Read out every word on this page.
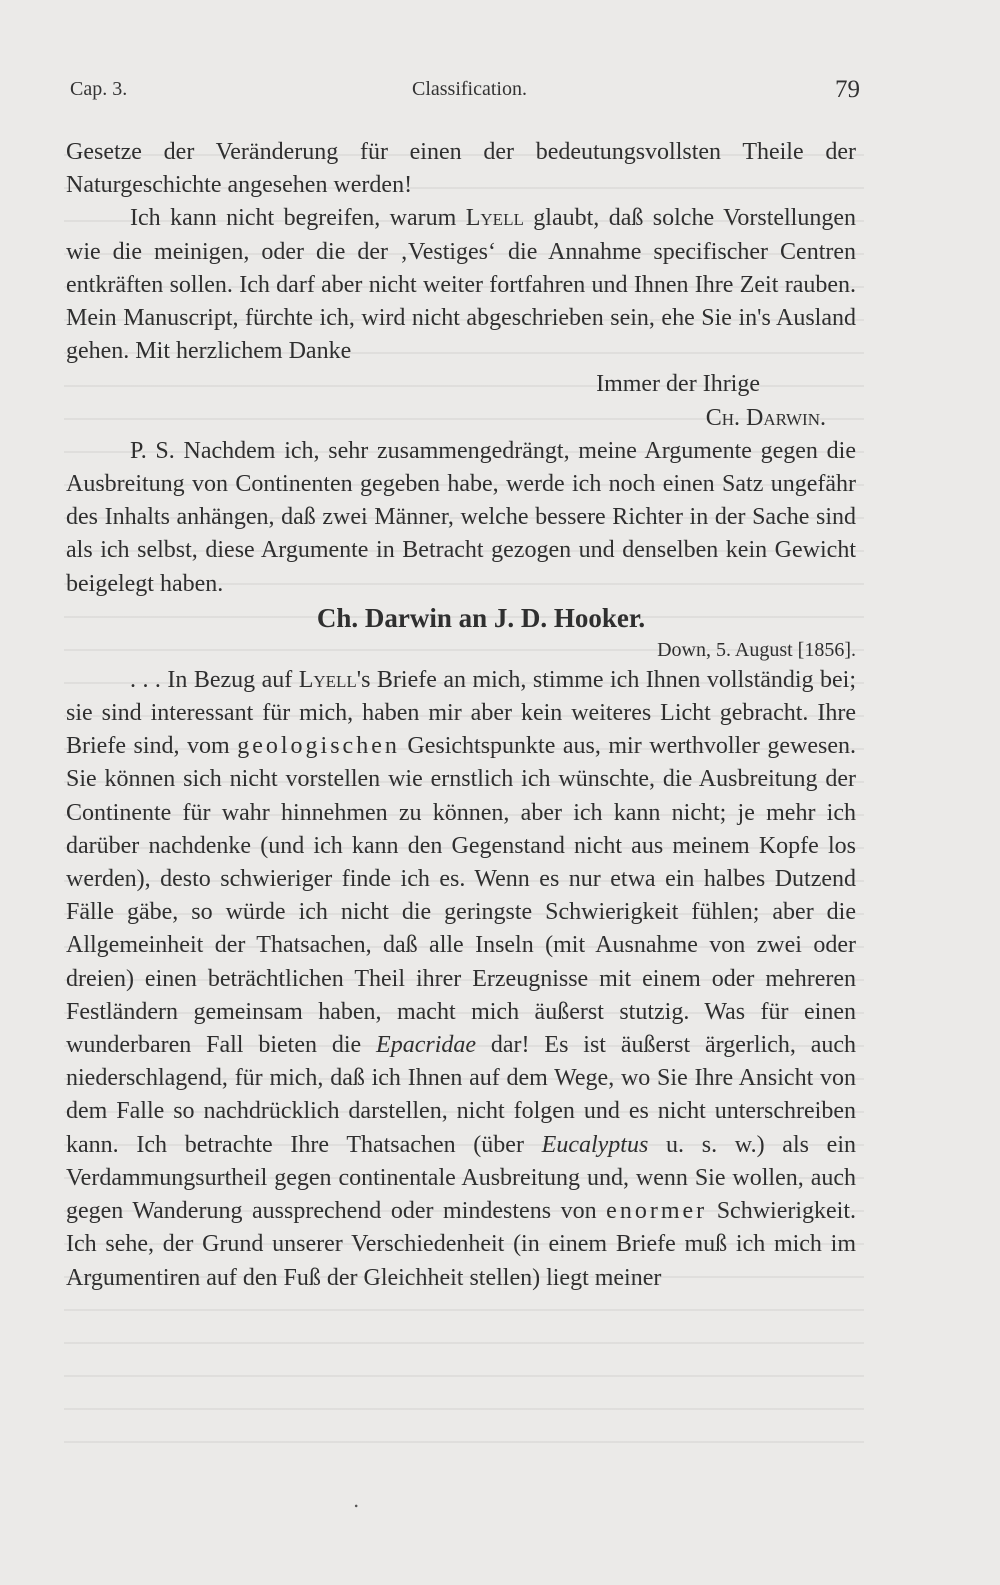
Cap. 3.	Classification.	79

Gesetze der Veränderung für einen der bedeutungsvollsten Theile der Naturgeschichte angesehen werden!

Ich kann nicht begreifen, warum Lyell glaubt, daß solche Vorstellungen wie die meinigen, oder die der ‚Vestiges‘ die Annahme specifischer Centren entkräften sollen. Ich darf aber nicht weiter fortfahren und Ihnen Ihre Zeit rauben. Mein Manuscript, fürchte ich, wird nicht abgeschrieben sein, ehe Sie in's Ausland gehen. Mit herzlichem Danke

Immer der Ihrige

Ch. Darwin.

P. S. Nachdem ich, sehr zusammengedrängt, meine Argumente gegen die Ausbreitung von Continenten gegeben habe, werde ich noch einen Satz ungefähr des Inhalts anhängen, daß zwei Männer, welche bessere Richter in der Sache sind als ich selbst, diese Argumente in Betracht gezogen und denselben kein Gewicht beigelegt haben.

Ch. Darwin an J. D. Hooker.

Down, 5. August [1856].

. . . In Bezug auf Lyell's Briefe an mich, stimme ich Ihnen vollständig bei; sie sind interessant für mich, haben mir aber kein weiteres Licht gebracht. Ihre Briefe sind, vom geologischen Gesichtspunkte aus, mir werthvoller gewesen. Sie können sich nicht vorstellen wie ernstlich ich wünschte, die Ausbreitung der Continente für wahr hinnehmen zu können, aber ich kann nicht; je mehr ich darüber nachdenke (und ich kann den Gegenstand nicht aus meinem Kopfe los werden), desto schwieriger finde ich es. Wenn es nur etwa ein halbes Dutzend Fälle gäbe, so würde ich nicht die geringste Schwierigkeit fühlen; aber die Allgemeinheit der Thatsachen, daß alle Inseln (mit Ausnahme von zwei oder dreien) einen beträchtlichen Theil ihrer Erzeugnisse mit einem oder mehreren Festländern gemeinsam haben, macht mich äußerst stutzig. Was für einen wunderbaren Fall bieten die Epacridae dar! Es ist äußerst ärgerlich, auch niederschlagend, für mich, daß ich Ihnen auf dem Wege, wo Sie Ihre Ansicht von dem Falle so nachdrücklich darstellen, nicht folgen und es nicht unterschreiben kann. Ich betrachte Ihre Thatsachen (über Eucalyptus u. s. w.) als ein Verdammungsurtheil gegen continentale Ausbreitung und, wenn Sie wollen, auch gegen Wanderung aussprechend oder mindestens von enormer Schwierigkeit. Ich sehe, der Grund unserer Verschiedenheit (in einem Briefe muß ich mich im Argumentiren auf den Fuß der Gleichheit stellen) liegt meiner

.
